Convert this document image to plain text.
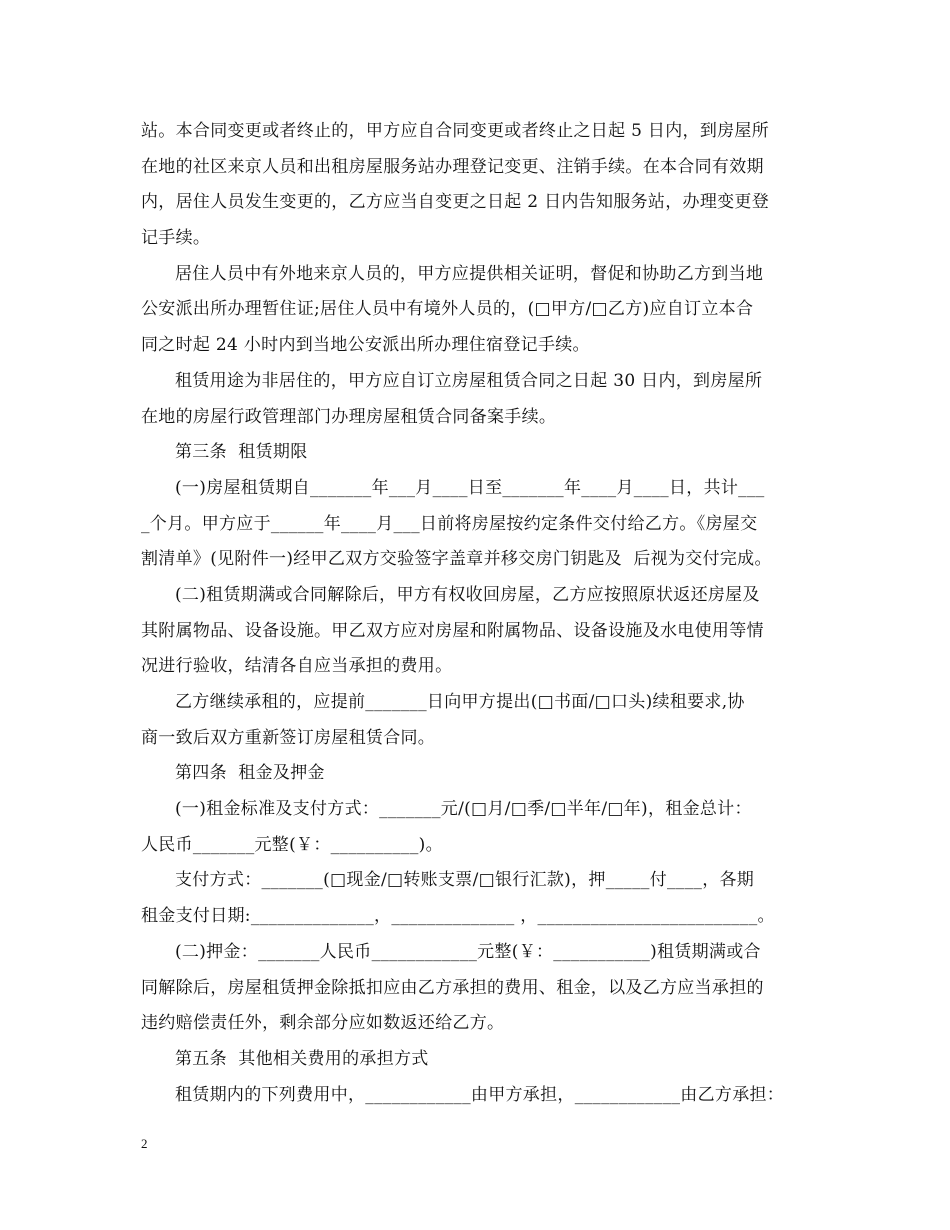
站。本合同变更或者终止的，甲方应自合同变更或者终止之日起 5 日内，到房屋所
在地的社区来京人员和出租房屋服务站办理登记变更、注销手续。在本合同有效期
内，居住人员发生变更的，乙方应当自变更之日起 2 日内告知服务站，办理变更登
记手续。
居住人员中有外地来京人员的，甲方应提供相关证明，督促和协助乙方到当地
公安派出所办理暂住证;居住人员中有境外人员的，(□甲方/□乙方)应自订立本合
同之时起 24 小时内到当地公安派出所办理住宿登记手续。
租赁用途为非居住的，甲方应自订立房屋租赁合同之日起 30 日内，到房屋所
在地的房屋行政管理部门办理房屋租赁合同备案手续。
第三条  租赁期限
(一)房屋租赁期自_______年___月____日至_______年____月____日，共计___
_个月。甲方应于______年____月___日前将房屋按约定条件交付给乙方。《房屋交
割清单》(见附件一)经甲乙双方交验签字盖章并移交房门钥匙及  后视为交付完成。
(二)租赁期满或合同解除后，甲方有权收回房屋，乙方应按照原状返还房屋及
其附属物品、设备设施。甲乙双方应对房屋和附属物品、设备设施及水电使用等情
况进行验收，结清各自应当承担的费用。
乙方继续承租的，应提前_______日向甲方提出(□书面/□口头)续租要求,协
商一致后双方重新签订房屋租赁合同。
第四条  租金及押金
(一)租金标准及支付方式：_______元/(□月/□季/□半年/□年)，租金总计：
人民币_______元整(￥：__________)。
支付方式：_______(□现金/□转账支票/□银行汇款)，押_____付____，各期
租金支付日期:______________，______________ ，_________________________。
(二)押金：_______人民币____________元整(￥：___________)租赁期满或合
同解除后，房屋租赁押金除抵扣应由乙方承担的费用、租金，以及乙方应当承担的
违约赔偿责任外，剩余部分应如数返还给乙方。
第五条  其他相关费用的承担方式
租赁期内的下列费用中，____________由甲方承担，____________由乙方承担：
2
